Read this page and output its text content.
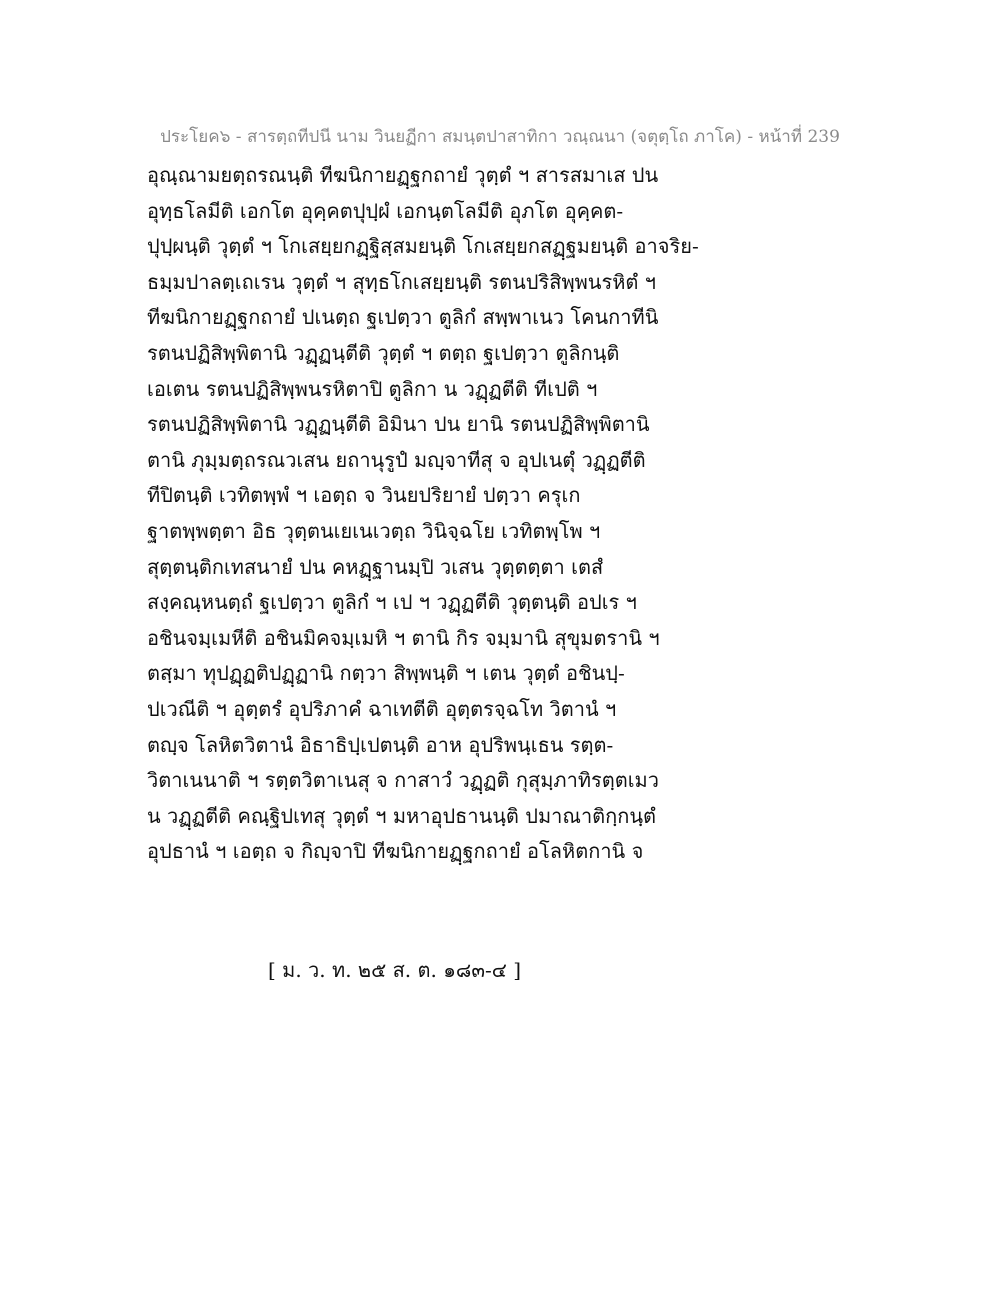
ประโยค๖ - สารตฺถทีปนี นาม วินยฏีกา สมนฺตปาสาทิกา วณฺณนา (จตุตฺโถ ภาโค) - หน้าที่ 239
อุณฺณามยตฺถรณนฺติ ทีฆนิกายฏฺฐกถายํ วุตฺตํ ฯ สารสมาเส ปน
อุทฺธโลมีติ เอกโต อุคฺคตปุปฺผํ เอกนฺตโลมีติ อุภโต อุคฺคต-
ปุปฺผนฺติ วุตฺตํ ฯ โกเสยฺยกฏฺฐิสฺสมยนฺติ โกเสยฺยกสฏฺฐมยนฺติ อาจริย-
ธมฺมปาลตฺเถเรน วุตฺตํ ฯ สุทฺธโกเสยฺยนฺติ รตนปริสิพฺพนรหิตํ ฯ
ทีฆนิกายฏฺฐกถายํ ปเนตฺถ ฐเปตฺวา ตูลิกํ สพฺพาเนว โคนกาทีนิ
รตนปฏิสิพฺพิตานิ วฏฺฏนฺตีติ วุตฺตํ ฯ ตตฺถ ฐเปตฺวา ตูลิกนฺติ
เอเตน รตนปฏิสิพฺพนรหิตาปิ ตูลิกา น วฏฺฏตีติ ทีเปติ ฯ
รตนปฏิสิพฺพิตานิ วฏฺฏนฺตีติ อิมินา ปน ยานิ รตนปฏิสิพฺพิตานิ
ตานิ ภุมฺมตฺถรณวเสน ยถานุรูปํ มญฺจาทีสุ จ อุปเนตุํ วฏฺฏตีติ
ทีปิตนฺติ เวทิตพฺพํ ฯ เอตฺถ จ วินยปริยายํ ปตฺวา ครุเก
ฐาตพฺพตฺตา อิธ วุตฺตนเยเนเวตฺถ วินิจฺฉโย เวทิตพฺโพ ฯ
สุตฺตนฺติกเทสนายํ ปน คหฏฺฐานมฺปิ วเสน วุตฺตตฺตา เตสํ
สงฺคณฺหนตฺถํ ฐเปตฺวา ตูลิกํ ฯ เป ฯ วฏฺฏตีติ วุตฺตนฺติ อปเร ฯ
อชินจมฺเมหีติ อชินมิคจมฺเมหิ ฯ ตานิ กิร จมฺมานิ สุขุมตรานิ ฯ
ตสฺมา ทุปฏฺฏติปฏฺฏานิ กตฺวา สิพฺพนฺติ ฯ เตน วุตฺตํ อชินปฺ-
ปเวณีติ ฯ อุตฺตรํ อุปริภาคํ ฉาเทตีติ อุตฺตรจฺฉโท วิตานํ ฯ
ตญฺจ โลหิตวิตานํ อิธาธิปฺเปตนฺติ อาห อุปริพนฺเธน รตฺต-
วิตาเนนาติ ฯ รตฺตวิตาเนสุ จ กาสาวํ วฏฺฏติ กุสุมฺภาทิรตฺตเมว
น วฏฺฏตีติ คณฺฐิปเทสุ วุตฺตํ ฯ มหาอุปธานนฺติ ปมาณาติกฺกนฺตํ
อุปธานํ ฯ เอตฺถ จ กิญฺจาปิ ทีฆนิกายฏฺฐกถายํ อโลหิตกานิ จ
[ ม. ว. ท. ๒๕ ส. ต. ๑๘๓-๔ ]
